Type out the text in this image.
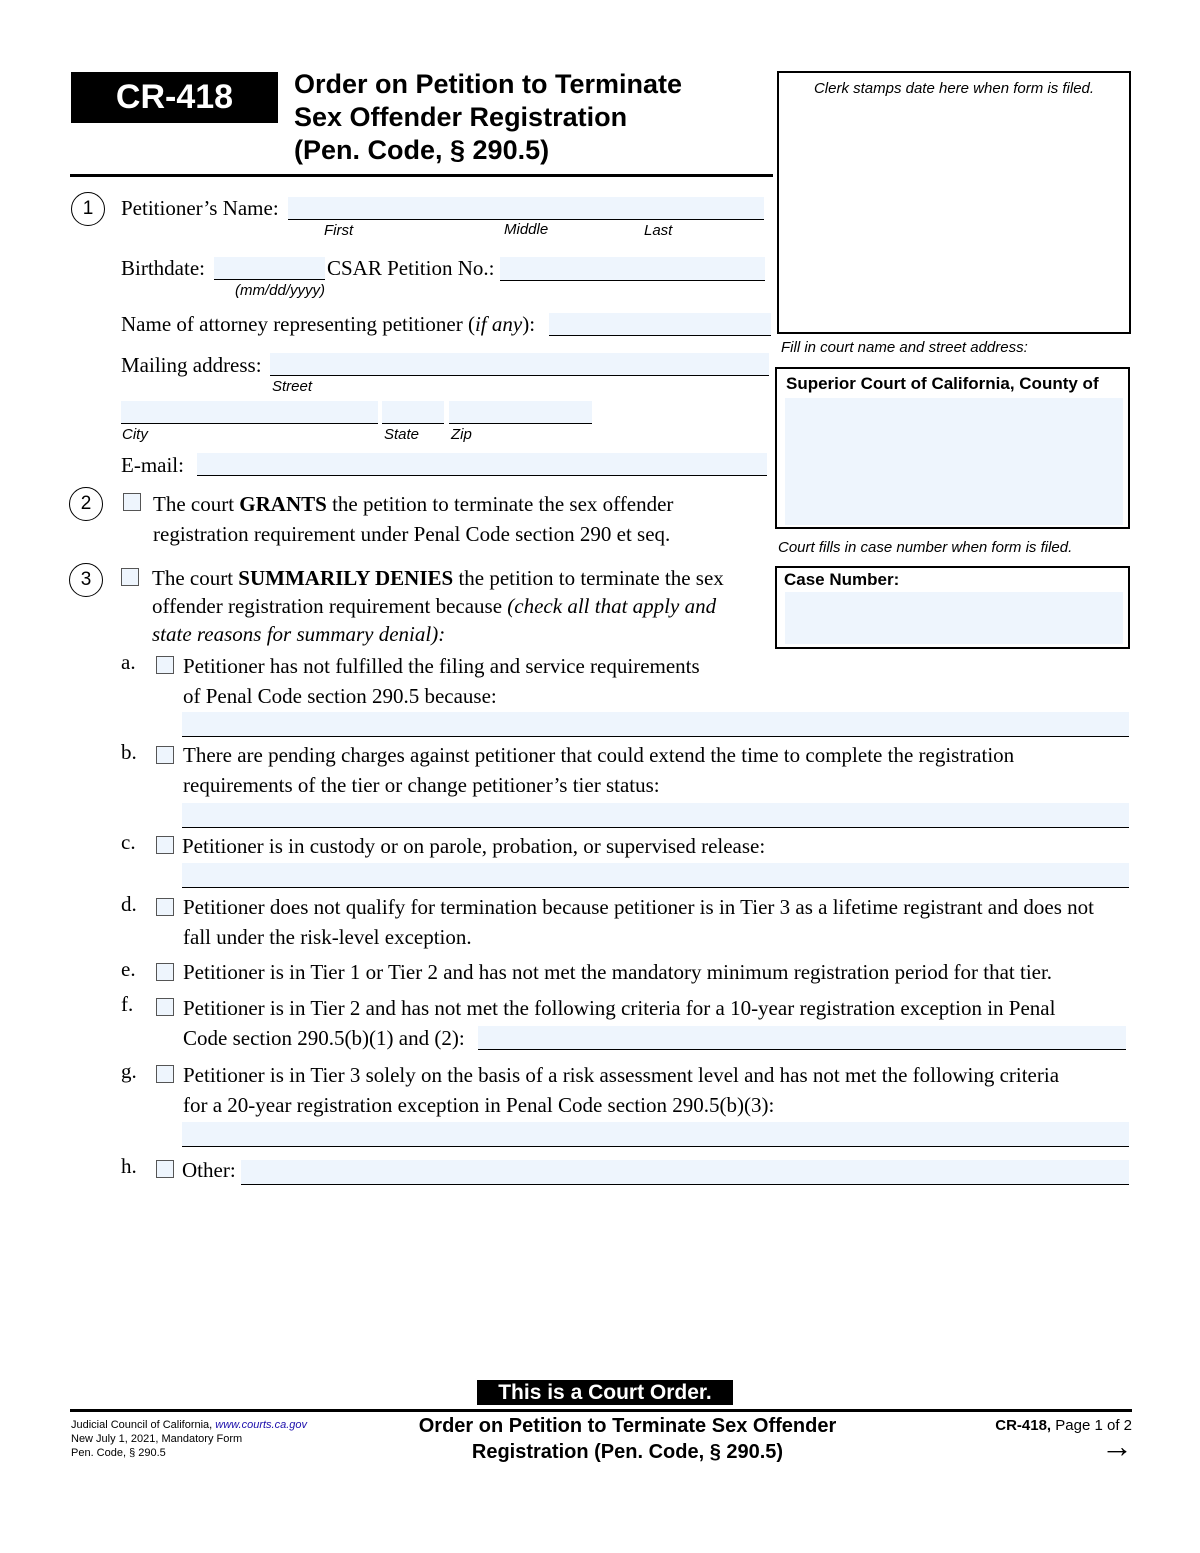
CR-418	Order on Petition to Terminate
Sex Offender Registration
(Pen. Code, § 290.5)
Clerk stamps date here when form is filed.
Fill in court name and street address:
Superior Court of California, County of
Court fills in case number when form is filed.
Case Number:
1	Petitioner’s Name:
First	Middle	Last
Birthdate:
(mm/dd/yyyy)
CSAR Petition No.:
Name of attorney representing petitioner (if any):
Mailing address:
Street
City	State Zip
E-mail:
2	The court GRANTS the petition to terminate the sex offender
registration requirement under Penal Code section 290 et seq.
3	The court SUMMARILY DENIES the petition to terminate the sex
offender registration requirement because (check all that apply and
state reasons for summary denial):
a. Petitioner has not fulfilled the filing and service requirements
of Penal Code section 290.5 because:
b. There are pending charges against petitioner that could extend the time to complete the registration
requirements of the tier or change petitioner’s tier status:
c. Petitioner is in custody or on parole, probation, or supervised release:
d. Petitioner does not qualify for termination because petitioner is in Tier 3 as a lifetime registrant and does not
fall under the risk-level exception.
e. Petitioner is in Tier 1 or Tier 2 and has not met the mandatory minimum registration period for that tier.
f. Petitioner is in Tier 2 and has not met the following criteria for a 10-year registration exception in Penal
Code section 290.5(b)(1) and (2):
g. Petitioner is in Tier 3 solely on the basis of a risk assessment level and has not met the following criteria
for a 20-year registration exception in Penal Code section 290.5(b)(3):
h. Other:
This is a Court Order.
Judicial Council of California, www.courts.ca.gov
New July 1, 2021, Mandatory Form
Pen. Code, § 290.5
Order on Petition to Terminate Sex Offender
Registration (Pen. Code, § 290.5)
CR-418, Page 1 of 2
→
